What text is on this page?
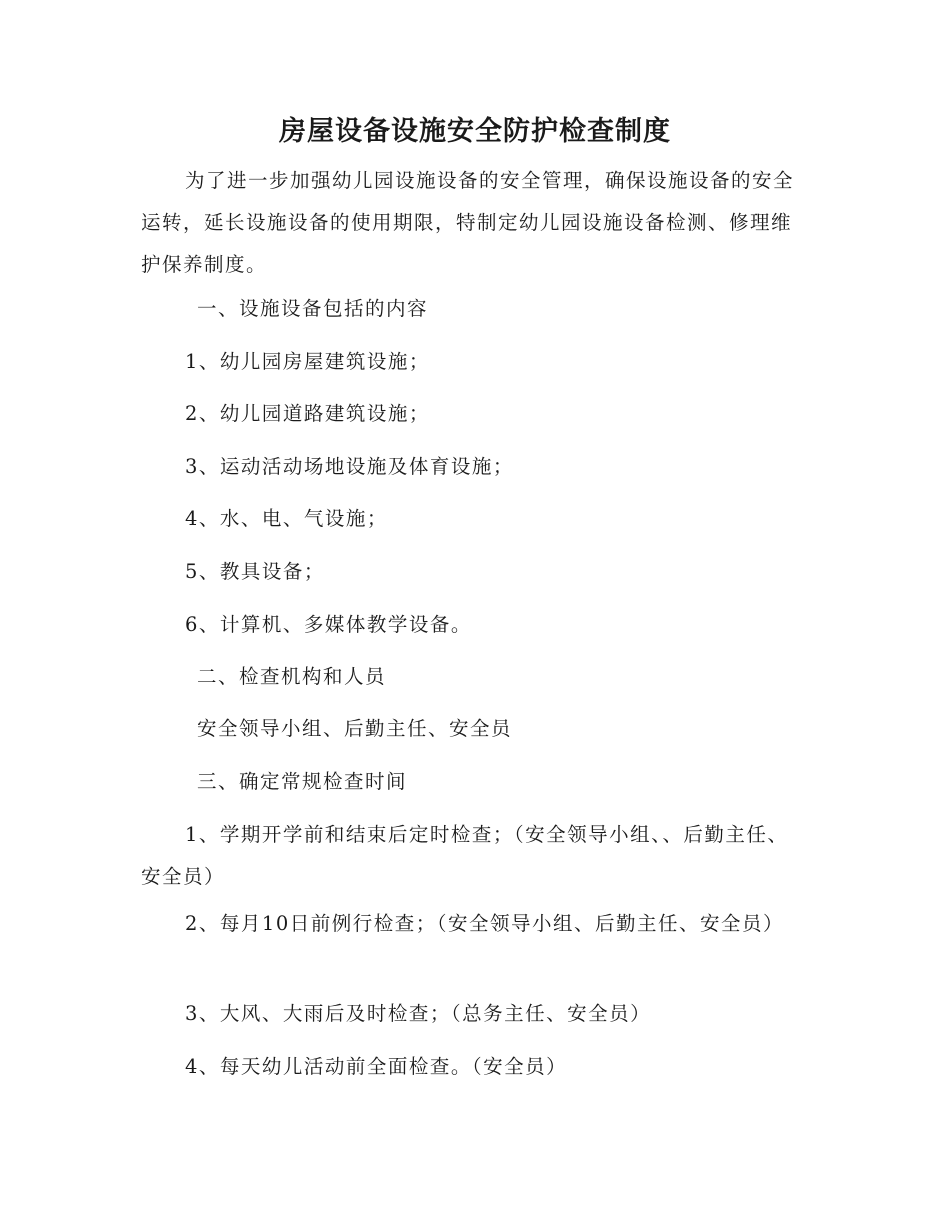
房屋设备设施安全防护检查制度
为了进一步加强幼儿园设施设备的安全管理，确保设施设备的安全运转，延长设施设备的使用期限，特制定幼儿园设施设备检测、修理维护保养制度。
一、设施设备包括的内容
1、幼儿园房屋建筑设施；
2、幼儿园道路建筑设施；
3、运动活动场地设施及体育设施；
4、水、电、气设施；
5、教具设备；
6、计算机、多媒体教学设备。
二、检查机构和人员
安全领导小组、后勤主任、安全员
三、确定常规检查时间
1、学期开学前和结束后定时检查；（安全领导小组、、后勤主任、安全员）
2、每月10日前例行检查；（安全领导小组、后勤主任、安全员）
3、大风、大雨后及时检查；（总务主任、安全员）
4、每天幼儿活动前全面检查。（安全员）
